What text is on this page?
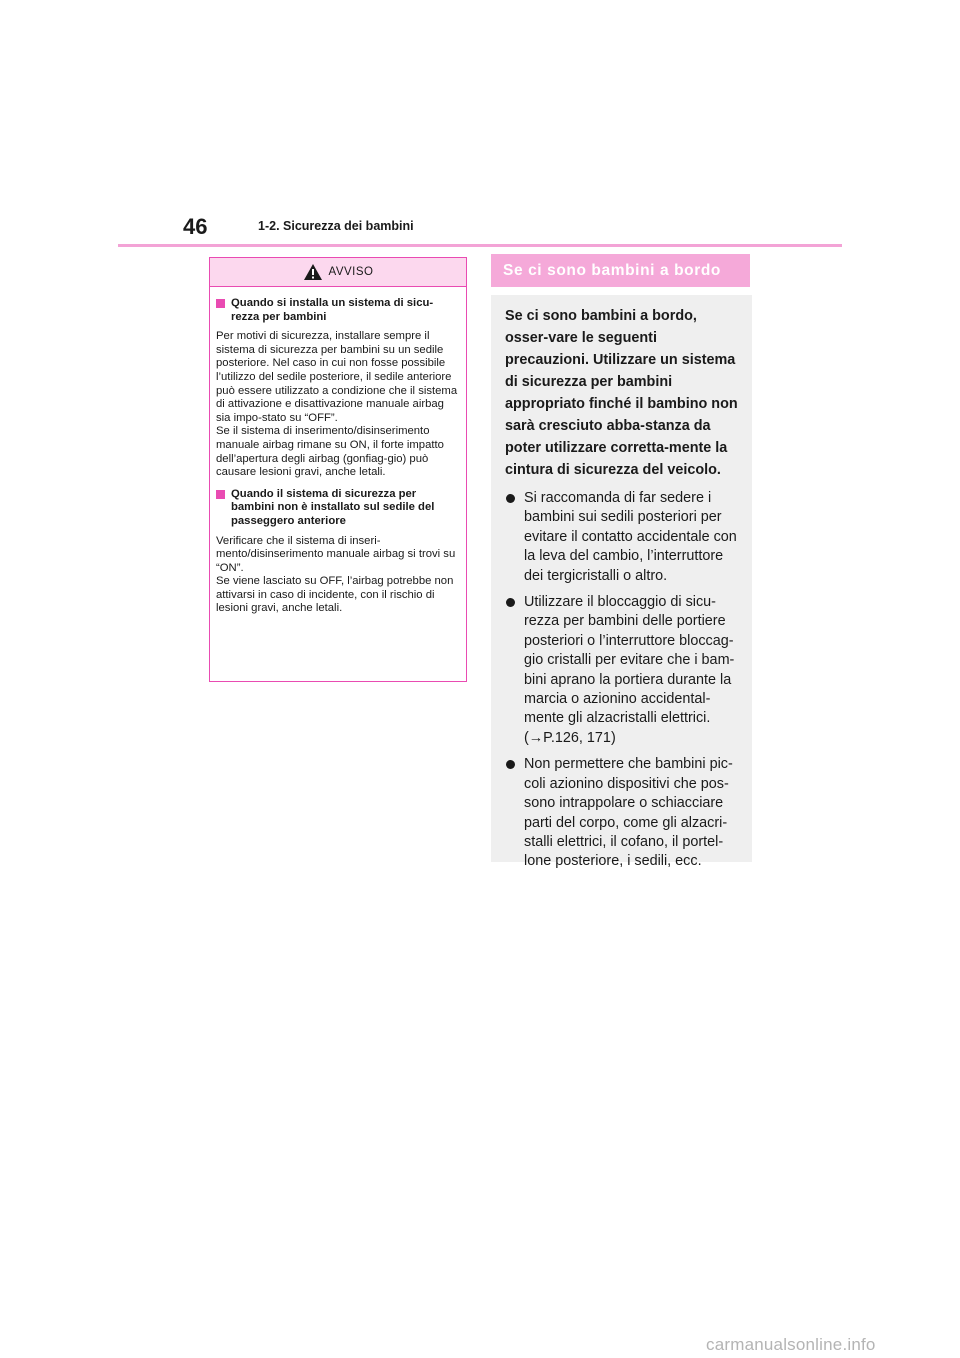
46	1-2. Sicurezza dei bambini
AVVISO
Quando si installa un sistema di sicu-
rezza per bambini
Per motivi di sicurezza, installare sempre il sistema di sicurezza per bambini su un sedile posteriore. Nel caso in cui non fosse possibile l’utilizzo del sedile posteriore, il sedile anteriore può essere utilizzato a condizione che il sistema di attivazione e disattivazione manuale airbag sia impo-stato su “OFF”.
Se il sistema di inserimento/disinserimento manuale airbag rimane su ON, il forte impatto dell’apertura degli airbag (gonfiag-gio) può causare lesioni gravi, anche letali.
Quando il sistema di sicurezza per bambini non è installato sul sedile del passeggero anteriore
Verificare che il sistema di inseri-mento/disinserimento manuale airbag si trovi su “ON”.
Se viene lasciato su OFF, l’airbag potrebbe non attivarsi in caso di incidente, con il rischio di lesioni gravi, anche letali.
Se ci sono bambini a bordo

Se ci sono bambini a bordo, osser-vare le seguenti precauzioni. Utilizzare un sistema di sicurezza per bambini appropriato finché il bambino non sarà cresciuto abba-stanza da poter utilizzare corretta-mente la cintura di sicurezza del veicolo.

Si raccomanda di far sedere i bambini sui sedili posteriori per evitare il contatto accidentale con la leva del cambio, l’interruttore dei tergicristalli o altro.
Utilizzare il bloccaggio di sicu-rezza per bambini delle portiere posteriori o l’interruttore bloccag-gio cristalli per evitare che i bam-bini aprano la portiera durante la marcia o azionino accidental-mente gli alzacristalli elettrici.
(→P.126, 171)
Non permettere che bambini pic-coli azionino dispositivi che pos-sono intrappolare o schiacciare parti del corpo, come gli alzacri-stalli elettrici, il cofano, il portel-lone posteriore, i sedili, ecc.
carmanualsonline.info
